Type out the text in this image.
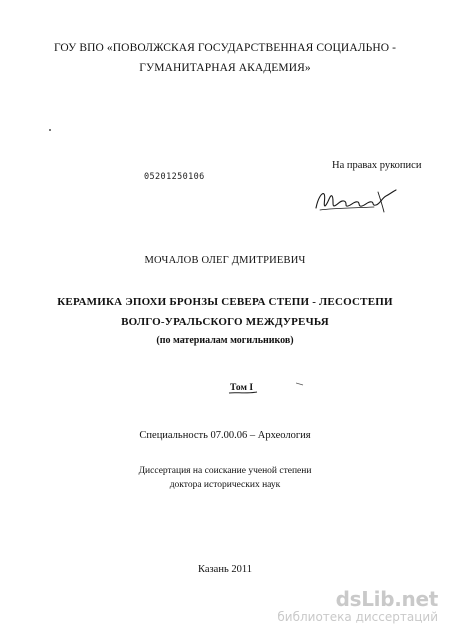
ГОУ ВПО «ПОВОЛЖСКАЯ ГОСУДАРСТВЕННАЯ СОЦИАЛЬНО -
ГУМАНИТАРНАЯ АКАДЕМИЯ»
05201250106
На правах рукописи
МОЧАЛОВ ОЛЕГ ДМИТРИЕВИЧ
КЕРАМИКА ЭПОХИ БРОНЗЫ СЕВЕРА СТЕПИ - ЛЕСОСТЕПИ
ВОЛГО-УРАЛЬСКОГО МЕЖДУРЕЧЬЯ
(по материалам могильников)
Том I
Специальность 07.00.06 – Археология
Диссертация на соискание ученой степени
доктора исторических наук
Казань 2011
dsLib.net
библиотека диссертаций
